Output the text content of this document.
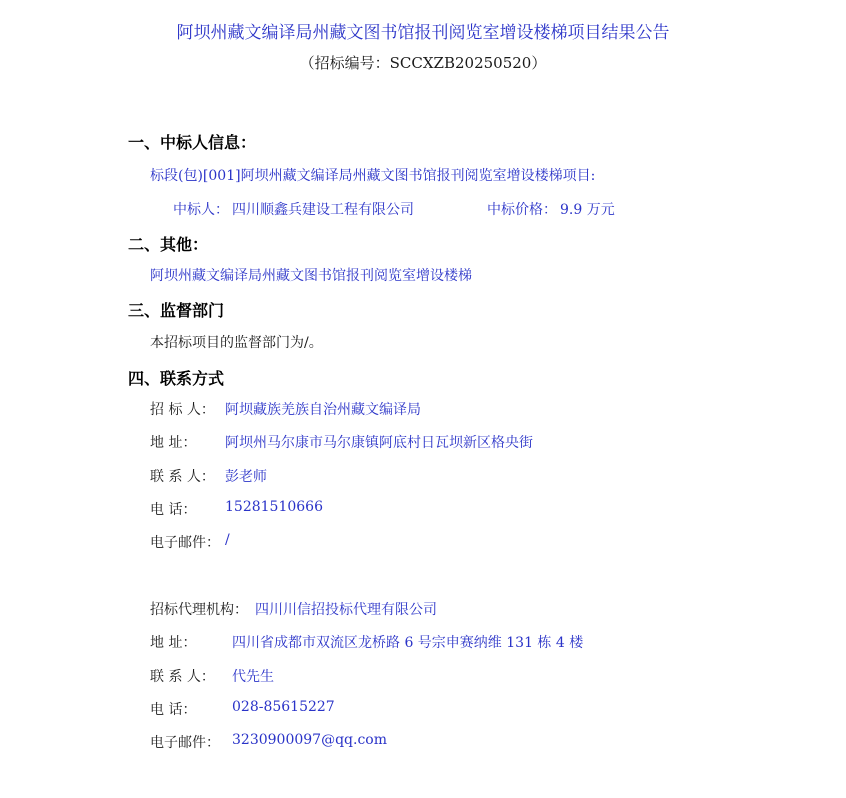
阿坝州藏文编译局州藏文图书馆报刊阅览室增设楼梯项目结果公告
（招标编号：SCCXZB20250520）
一、中标人信息：
标段(包)[001]阿坝州藏文编译局州藏文图书馆报刊阅览室增设楼梯项目:
中标人： 四川顺鑫兵建设工程有限公司	中标价格： 9.9 万元
二、其他：
阿坝州藏文编译局州藏文图书馆报刊阅览室增设楼梯
三、监督部门
本招标项目的监督部门为/。
四、联系方式
招 标 人： 阿坝藏族羌族自治州藏文编译局
地 址： 阿坝州马尔康市马尔康镇阿底村日瓦坝新区格央街
联 系 人： 彭老师
电 话： 15281510666
电子邮件： /
招标代理机构： 四川川信招投标代理有限公司
地 址：	四川省成都市双流区龙桥路 6 号宗申赛纳维 131 栋 4 楼
联 系 人： 代先生
电 话：	028-85615227
电子邮件： 3230900097@qq.com
